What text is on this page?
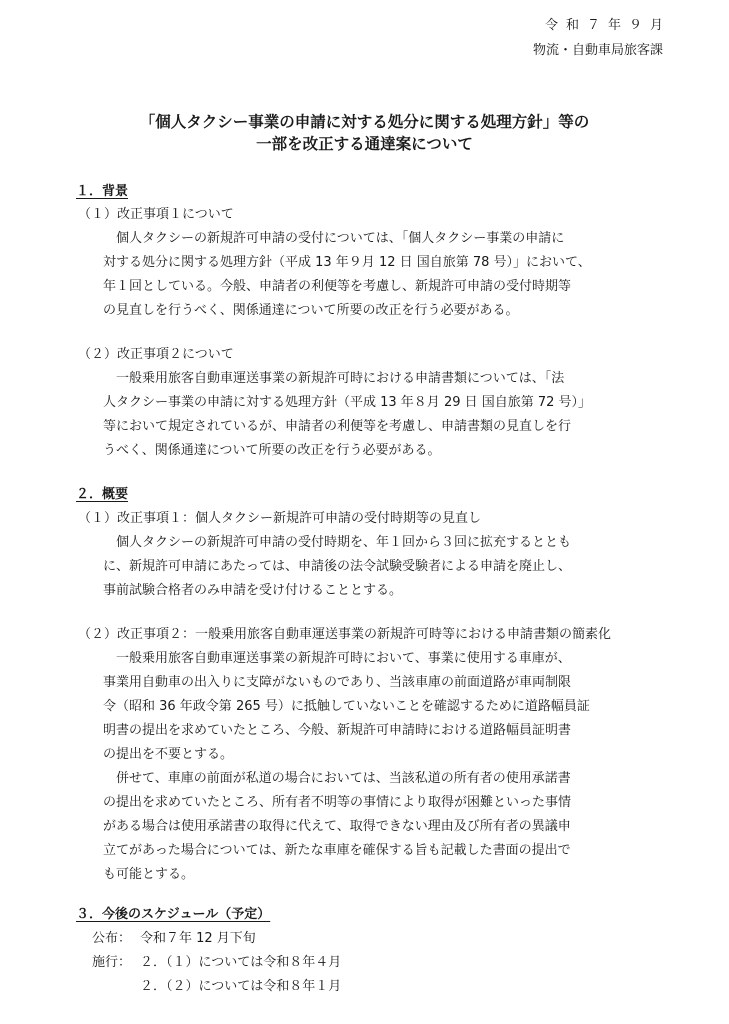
令和７年９月
物流・自動車局旅客課
「個人タクシー事業の申請に対する処分に関する処理方針」等の
一部を改正する通達案について
１．背景
（１）改正事項１について
　個人タクシーの新規許可申請の受付については、「個人タクシー事業の申請に
対する処分に関する処理方針（平成 13 年９月 12 日 国自旅第 78 号）」において、
年１回としている。今般、申請者の利便等を考慮し、新規許可申請の受付時期等
の見直しを行うべく、関係通達について所要の改正を行う必要がある。
（２）改正事項２について
　一般乗用旅客自動車運送事業の新規許可時における申請書類については、「法
人タクシー事業の申請に対する処理方針（平成 13 年８月 29 日 国自旅第 72 号）」
等において規定されているが、申請者の利便等を考慮し、申請書類の見直しを行
うべく、関係通達について所要の改正を行う必要がある。
２．概要
（１）改正事項１：個人タクシー新規許可申請の受付時期等の見直し
　個人タクシーの新規許可申請の受付時期を、年１回から３回に拡充するととも
に、新規許可申請にあたっては、申請後の法令試験受験者による申請を廃止し、
事前試験合格者のみ申請を受け付けることとする。
（２）改正事項２：一般乗用旅客自動車運送事業の新規許可時等における申請書類の簡素化
　一般乗用旅客自動車運送事業の新規許可時において、事業に使用する車庫が、
事業用自動車の出入りに支障がないものであり、当該車庫の前面道路が車両制限
令（昭和 36 年政令第 265 号）に抵触していないことを確認するために道路幅員証
明書の提出を求めていたところ、今般、新規許可申請時における道路幅員証明書
の提出を不要とする。
　併せて、車庫の前面が私道の場合においては、当該私道の所有者の使用承諾書
の提出を求めていたところ、所有者不明等の事情により取得が困難といった事情
がある場合は使用承諾書の取得に代えて、取得できない理由及び所有者の異議申
立てがあった場合については、新たな車庫を確保する旨も記載した書面の提出で
も可能とする。
３．今後のスケジュール（予定）
公布： 令和７年 12 月下旬
施行： ２．（１）については令和８年４月
２．（２）については令和８年１月
